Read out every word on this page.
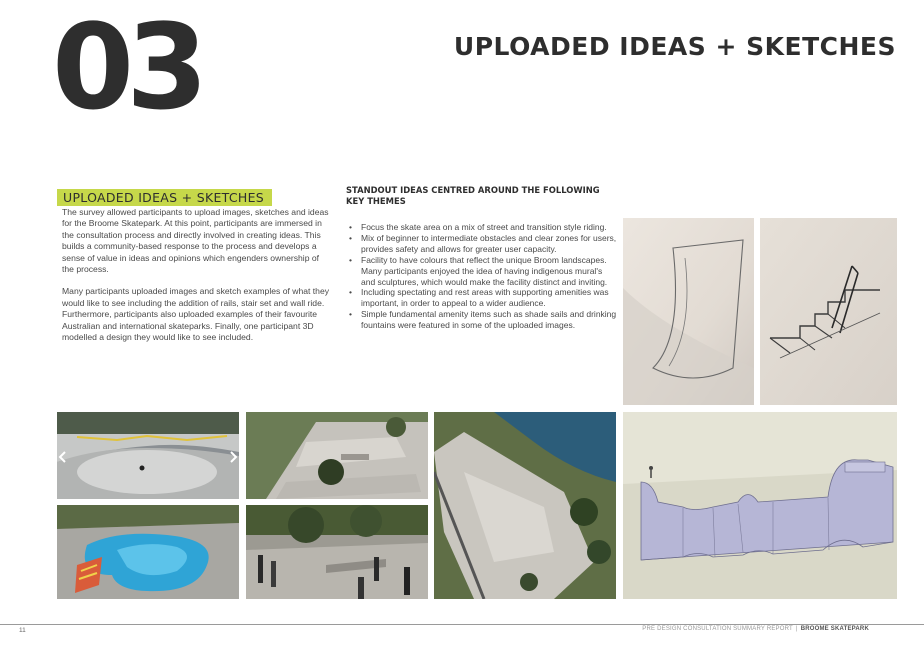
03	UPLOADED IDEAS + SKETCHES
UPLOADED IDEAS + SKETCHES

The survey allowed participants to upload images, sketches and ideas for the Broome Skatepark. At this point, participants are immersed in the consultation process and directly involved in creating ideas. This builds a community-based response to the process and develops a sense of value in ideas and opinions which engenders ownership of the process.

Many participants uploaded images and sketch examples of what they would like to see including the addition of rails, stair set and wall ride. Furthermore, participants also uploaded examples of their favourite Australian and international skateparks. Finally, one participant 3D modelled a design they would like to see included.

STANDOUT IDEAS CENTRED AROUND THE FOLLOWING KEY THEMES
• Focus the skate area on a mix of street and transition style riding.
• Mix of beginner to intermediate obstacles and clear zones for users, provides safety and allows for greater user capacity.
• Facility to have colours that reflect the unique Broom landscapes. Many participants enjoyed the idea of having indigenous mural's and sculptures, which would make the facility distinct and inviting.
• Including spectating and rest areas with supporting amenities was important, in order to appeal to a wider audience.
• Simple fundamental amenity items such as shade sails and drinking fountains were featured in some of the uploaded images.
11	PRE DESIGN CONSULTATION SUMMARY REPORT | BROOME SKATEPARK
